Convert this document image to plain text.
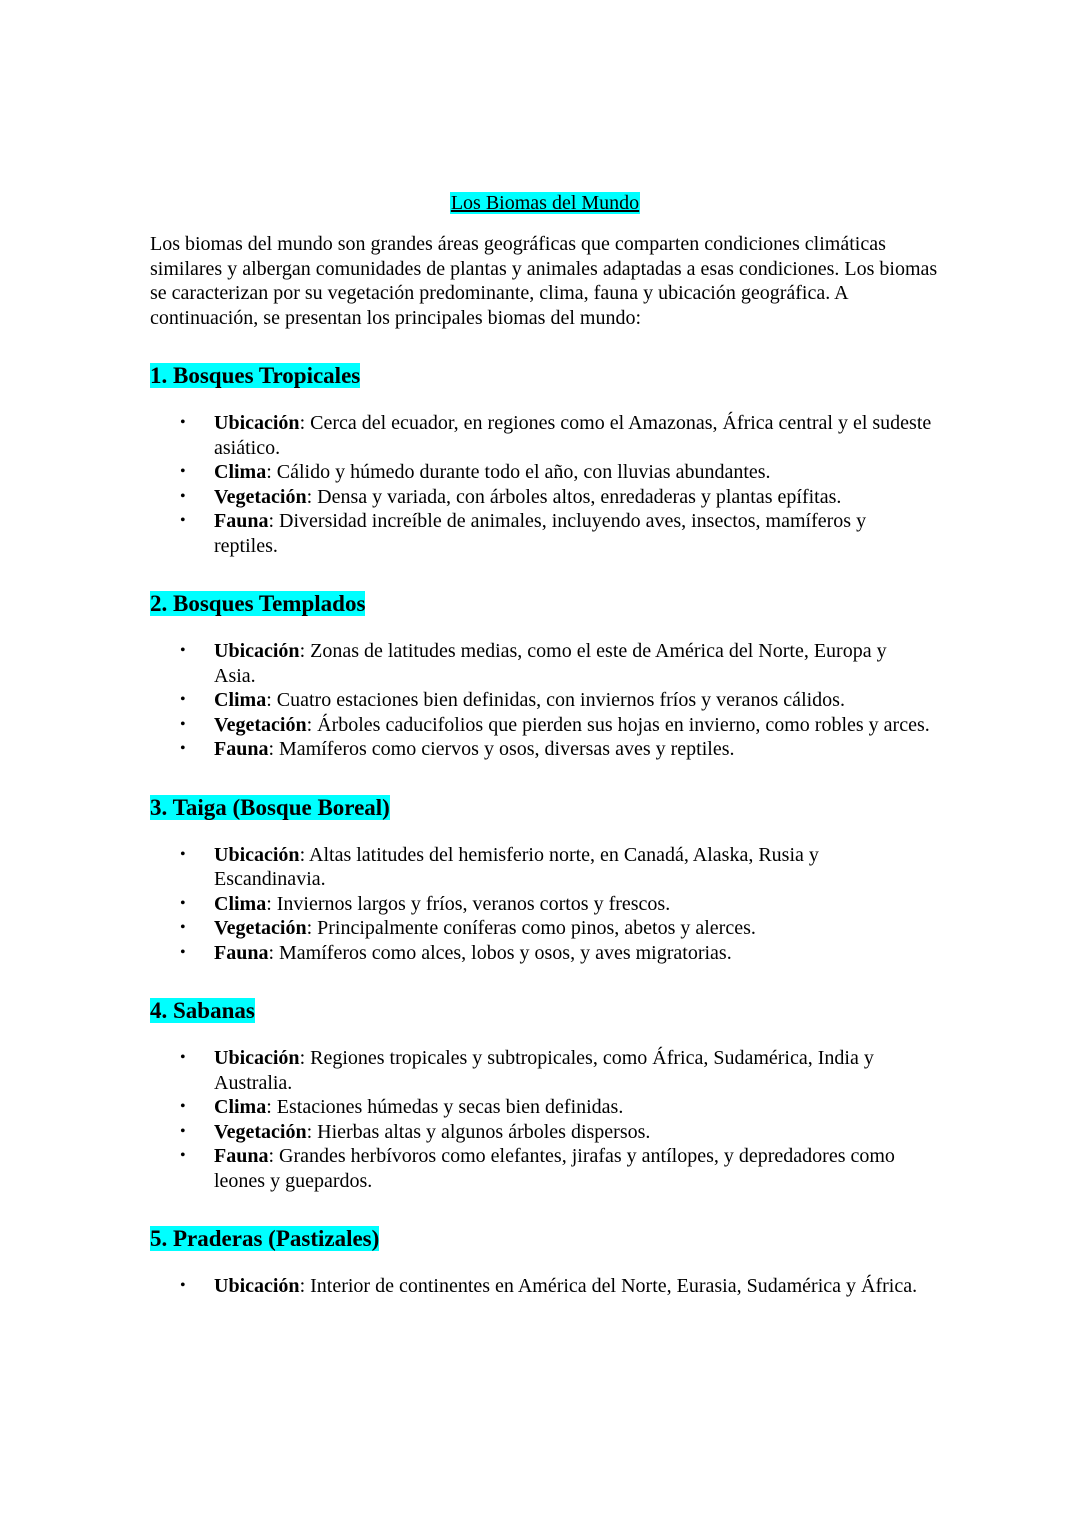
Los Biomas del Mundo

Los biomas del mundo son grandes áreas geográficas que comparten condiciones climáticas similares y albergan comunidades de plantas y animales adaptadas a esas condiciones. Los biomas se caracterizan por su vegetación predominante, clima, fauna y ubicación geográfica. A continuación, se presentan los principales biomas del mundo:

1. Bosques Tropicales
• Ubicación: Cerca del ecuador, en regiones como el Amazonas, África central y el sudeste asiático.
• Clima: Cálido y húmedo durante todo el año, con lluvias abundantes.
• Vegetación: Densa y variada, con árboles altos, enredaderas y plantas epífitas.
• Fauna: Diversidad increíble de animales, incluyendo aves, insectos, mamíferos y reptiles.
2. Bosques Templados
• Ubicación: Zonas de latitudes medias, como el este de América del Norte, Europa y Asia.
• Clima: Cuatro estaciones bien definidas, con inviernos fríos y veranos cálidos.
• Vegetación: Árboles caducifolios que pierden sus hojas en invierno, como robles y arces.
• Fauna: Mamíferos como ciervos y osos, diversas aves y reptiles.
3. Taiga (Bosque Boreal)
• Ubicación: Altas latitudes del hemisferio norte, en Canadá, Alaska, Rusia y Escandinavia.
• Clima: Inviernos largos y fríos, veranos cortos y frescos.
• Vegetación: Principalmente coníferas como pinos, abetos y alerces.
• Fauna: Mamíferos como alces, lobos y osos, y aves migratorias.
4. Sabanas
• Ubicación: Regiones tropicales y subtropicales, como África, Sudamérica, India y Australia.
• Clima: Estaciones húmedas y secas bien definidas.
• Vegetación: Hierbas altas y algunos árboles dispersos.
• Fauna: Grandes herbívoros como elefantes, jirafas y antílopes, y depredadores como leones y guepardos.
5. Praderas (Pastizales)
• Ubicación: Interior de continentes en América del Norte, Eurasia, Sudamérica y África.
